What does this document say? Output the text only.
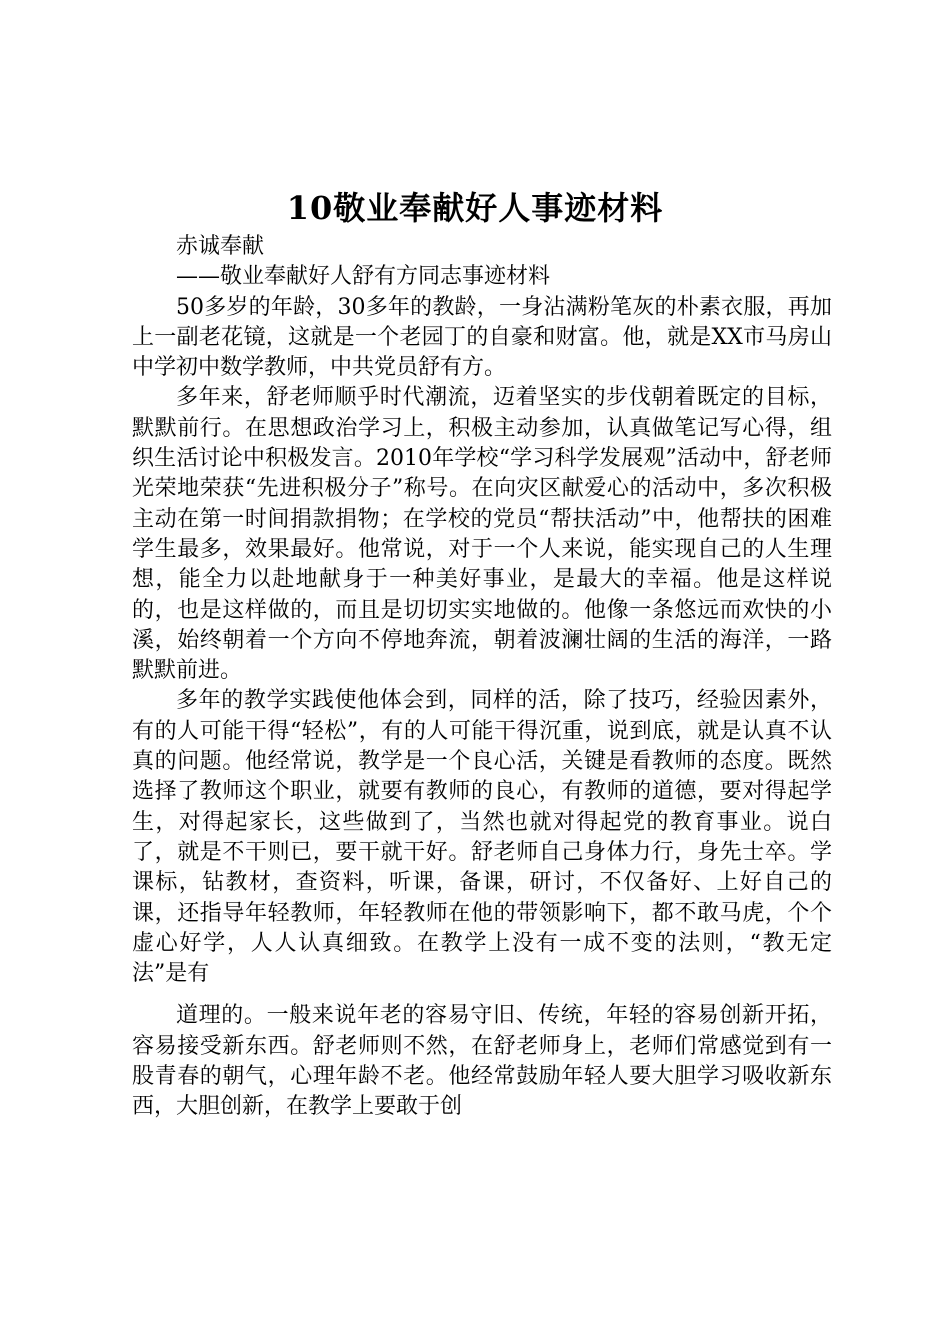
10敬业奉献好人事迹材料

赤诚奉献

——敬业奉献好人舒有方同志事迹材料

50多岁的年龄，30多年的教龄，一身沾满粉笔灰的朴素衣服，再加上一副老花镜，这就是一个老园丁的自豪和财富。他，就是XX市马房山中学初中数学教师，中共党员舒有方。

多年来，舒老师顺乎时代潮流，迈着坚实的步伐朝着既定的目标，默默前行。在思想政治学习上，积极主动参加，认真做笔记写心得，组织生活讨论中积极发言。2010年学校“学习科学发展观”活动中，舒老师光荣地荣获“先进积极分子”称号。在向灾区献爱心的活动中，多次积极主动在第一时间捐款捐物；在学校的党员“帮扶活动”中，他帮扶的困难学生最多，效果最好。他常说，对于一个人来说，能实现自己的人生理想，能全力以赴地献身于一种美好事业，是最大的幸福。他是这样说的，也是这样做的，而且是切切实实地做的。他像一条悠远而欢快的小溪，始终朝着一个方向不停地奔流，朝着波澜壮阔的生活的海洋，一路默默前进。

多年的教学实践使他体会到，同样的活，除了技巧，经验因素外，有的人可能干得“轻松”，有的人可能干得沉重，说到底，就是认真不认真的问题。他经常说，教学是一个良心活，关键是看教师的态度。既然选择了教师这个职业，就要有教师的良心，有教师的道德，要对得起学生，对得起家长，这些做到了，当然也就对得起党的教育事业。说白了，就是不干则已，要干就干好。舒老师自己身体力行，身先士卒。学课标，钻教材，查资料，听课，备课，研讨，不仅备好、上好自己的课，还指导年轻教师，年轻教师在他的带领影响下，都不敢马虎，个个虚心好学，人人认真细致。在教学上没有一成不变的法则，“教无定法”是有

道理的。一般来说年老的容易守旧、传统，年轻的容易创新开拓，容易接受新东西。舒老师则不然，在舒老师身上，老师们常感觉到有一股青春的朝气，心理年龄不老。他经常鼓励年轻人要大胆学习吸收新东西，大胆创新，在教学上要敢于创
